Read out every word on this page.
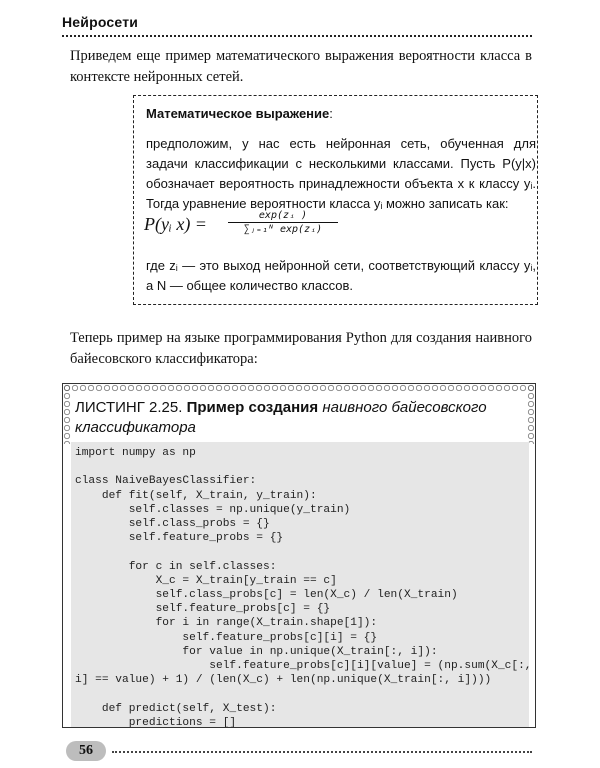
Нейросети

Приведем еще пример математического выражения вероятности класса в контексте нейронных сетей.

Математическое выражение:
предположим, у нас есть нейронная сеть, обученная для задачи классификации с несколькими классами. Пусть P(y|x) обозначает вероятность принадлежности объекта x к классу yᵢ. Тогда уравнение вероятности класса yᵢ можно записать как:
P(yᵢ $x) = \frac{\text{exp(zᵢ )}}{\text{∑ⱼ₌₁ᴺ exp(zᵢ)}}$
где zᵢ — это выход нейронной сети, соответствующий классу yᵢ, а N — общее количество классов.

Теперь пример на языке программирования Python для создания наивного байесовского классификатора:

ЛИСТИНГ 2.25. Пример создания наивного байесовского классификатора
import numpy as np

class NaiveBayesClassifier:
def fit(self, X_train, y_train):
self.classes = np.unique(y_train)
self.class_probs = {}
self.feature_probs = {}

for c in self.classes:
X_c = X_train[y_train == c]
self.class_probs[c] = len(X_c) / len(X_train)
self.feature_probs[c] = {}
for i in range(X_train.shape[1]):
self.feature_probs[c][i] = {}
for value in np.unique(X_train[:, i]):
self.feature_probs[c][i][value] = (np.sum(X_c[:,
i] == value) + 1) / (len(X_c) + len(np.unique(X_train[:, i])))

def predict(self, X_test):
predictions = []
56
